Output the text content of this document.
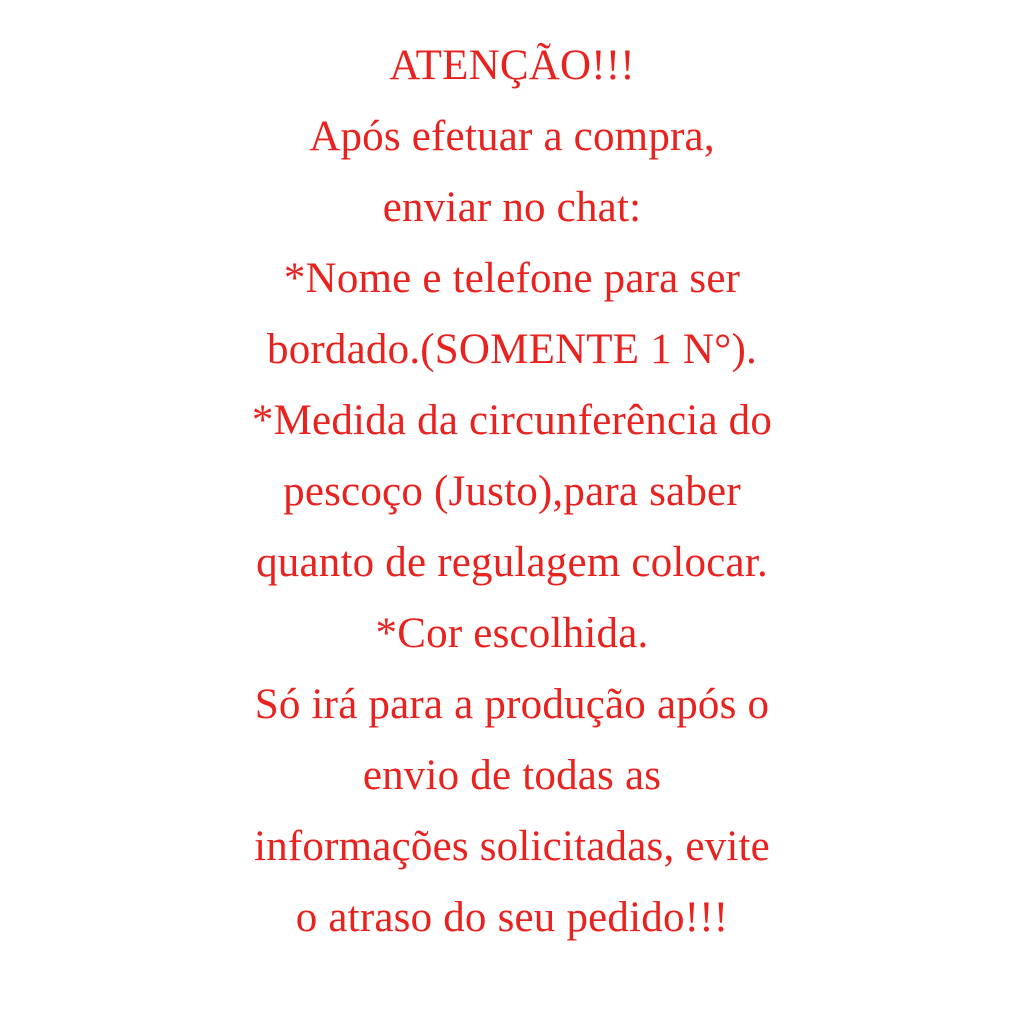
ATENÇÃO!!!
Após efetuar a compra,
enviar no chat:
*Nome e telefone para ser
bordado.(SOMENTE 1 N°).
*Medida da circunferência do
pescoço (Justo),para saber
quanto de regulagem colocar.
*Cor escolhida.
Só irá para a produção após o
envio de todas as
informações solicitadas, evite
o atraso do seu pedido!!!
